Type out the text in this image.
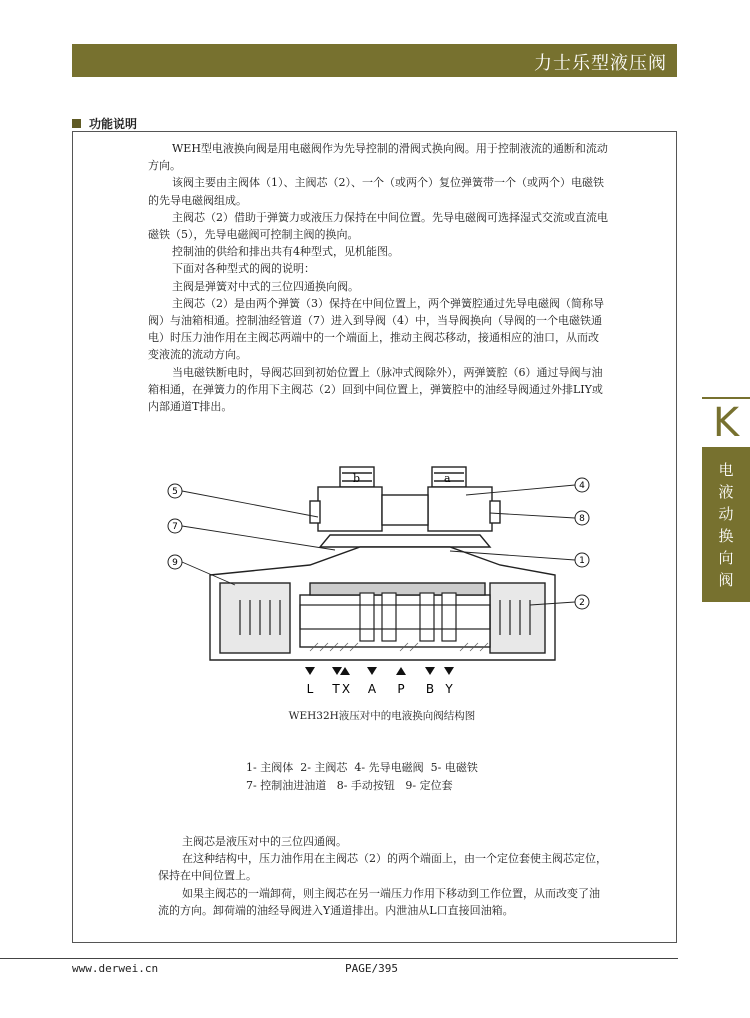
力士乐型液压阀
功能说明

WEH型电液换向阀是用电磁阀作为先导控制的滑阀式换向阀。用于控制液流的通断和流动方向。

该阀主要由主阀体（1）、主阀芯（2）、一个（或两个）复位弹簧带一个（或两个）电磁铁的先导电磁阀组成。

主阀芯（2）借助于弹簧力或液压力保持在中间位置。先导电磁阀可选择湿式交流或直流电磁铁（5），先导电磁阀可控制主阀的换向。

控制油的供给和排出共有4种型式，见机能图。

下面对各种型式的阀的说明：

主阀是弹簧对中式的三位四通换向阀。

主阀芯（2）是由两个弹簧（3）保持在中间位置上，两个弹簧腔通过先导电磁阀（简称导阀）与油箱相通。控制油经管道（7）进入到导阀（4）中，当导阀换向（导阀的一个电磁铁通电）时压力油作用在主阀芯两端中的一个端面上，推动主阀芯移动，接通相应的油口，从而改变液流的流动方向。

当电磁铁断电时，导阀芯回到初始位置上（脉冲式阀除外），两弹簧腔（6）通过导阀与油箱相通，在弹簧力的作用下主阀芯（2）回到中间位置上，弹簧腔中的油经导阀通过外排LIY或内部通道T排出。	K
电
液
动
换
向
阀
b	a
5
7
9
4
8
1
2
L T X A P B Y
WEH32H液压对中的电液换向阀结构图
1- 主阀体  2- 主阀芯  4- 先导电磁阀  5- 电磁铁
7- 控制油进油道   8- 手动按钮   9- 定位套

主阀芯是液压对中的三位四通阀。

在这种结构中，压力油作用在主阀芯（2）的两个端面上，由一个定位套使主阀芯定位，保持在中间位置上。

如果主阀芯的一端卸荷，则主阀芯在另一端压力作用下移动到工作位置，从而改变了油流的方向。卸荷端的油经导阀进入Y通道排出。内泄油从L口直接回油箱。

www.derwei.cn	PAGE/395
